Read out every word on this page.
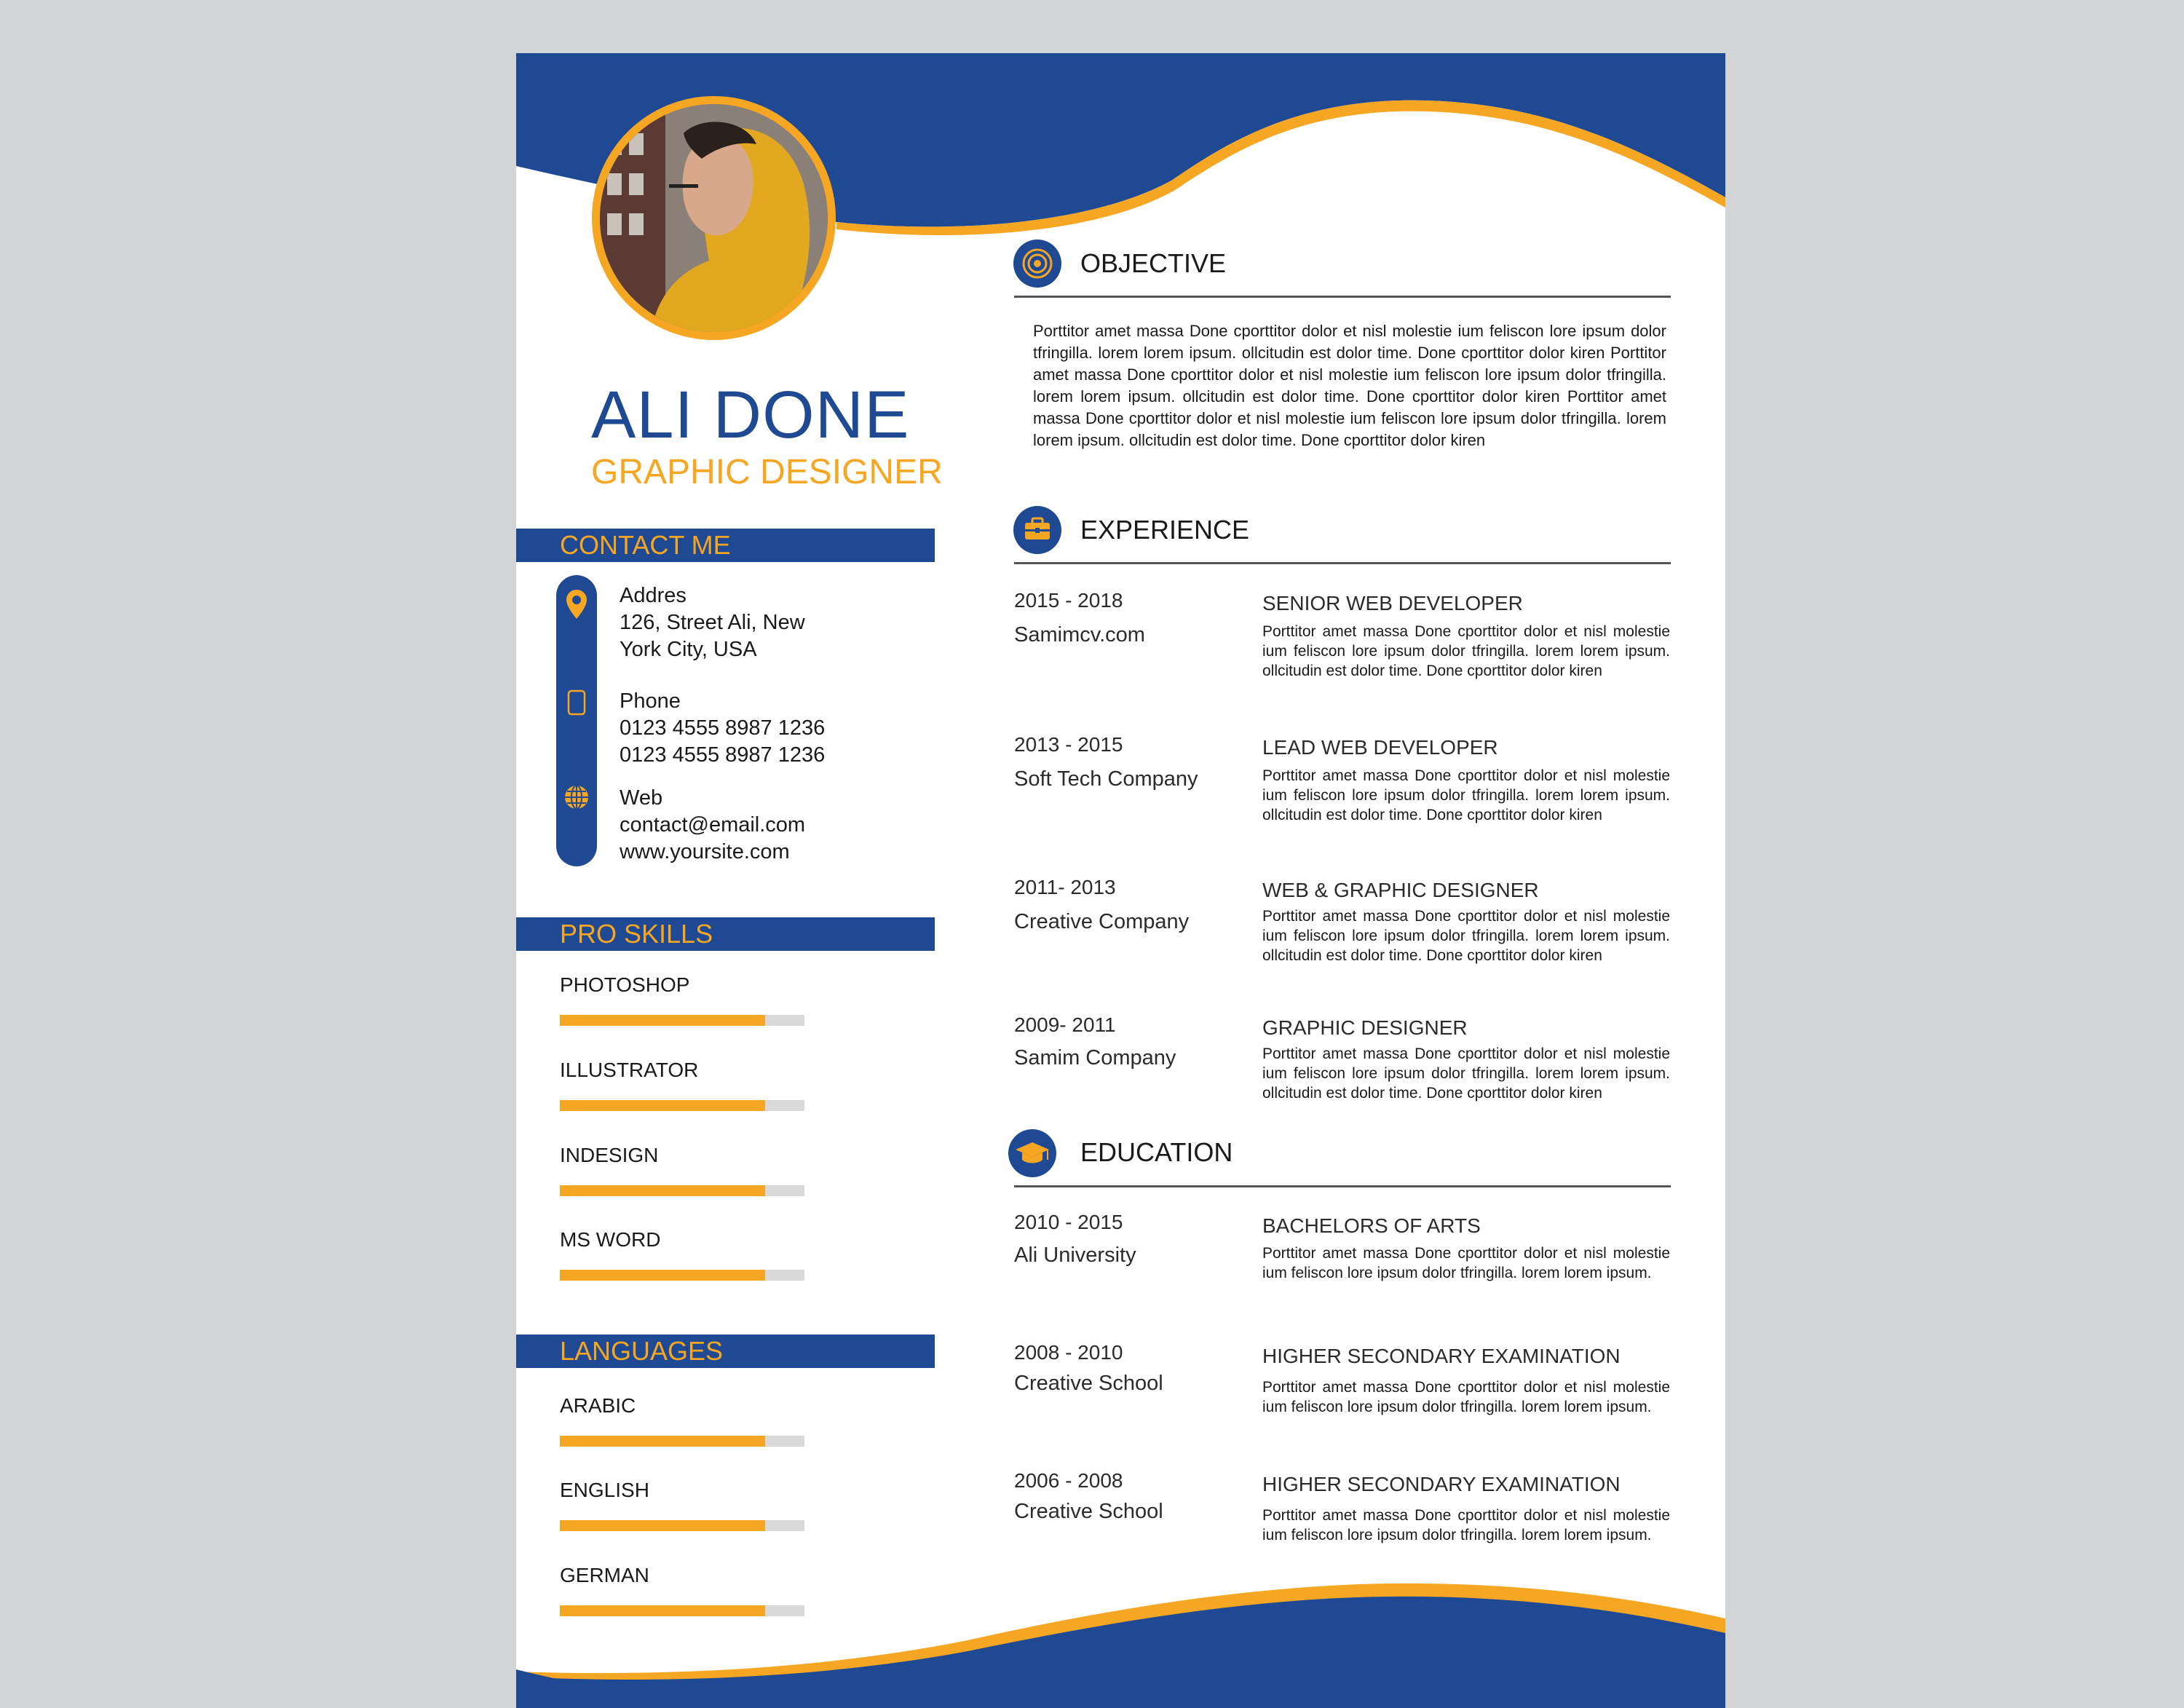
ALI DONE
GRAPHIC DESIGNER
CONTACT ME
Addres
126, Street Ali, New
York City, USA
Phone
0123 4555 8987 1236
0123 4555 8987 1236
Web
contact@email.com
www.yoursite.com
PRO SKILLS
PHOTOSHOP
ILLUSTRATOR
INDESIGN
MS WORD
LANGUAGES
ARABIC
ENGLISH
GERMAN
OBJECTIVE
Porttitor amet massa Done cporttitor dolor et nisl molestie ium feliscon lore ipsum dolor tfringilla. lorem lorem ipsum. ollcitudin est dolor time. Done cporttitor dolor kiren Porttitor amet massa Done cporttitor dolor et nisl molestie ium feliscon lore ipsum dolor tfringilla. lorem lorem ipsum. ollcitudin est dolor time. Done cporttitor dolor kiren Porttitor amet massa Done cporttitor dolor et nisl molestie ium feliscon lore ipsum dolor tfringilla. lorem lorem ipsum. ollcitudin est dolor time. Done cporttitor dolor kiren
EXPERIENCE
2015 - 2018
Samimcv.com
SENIOR WEB DEVELOPER
Porttitor amet massa Done cporttitor dolor et nisl molestie ium feliscon lore ipsum dolor tfringilla. lorem lorem ipsum. ollcitudin est dolor time. Done cporttitor dolor kiren
2013 - 2015
Soft Tech Company
LEAD WEB DEVELOPER
Porttitor amet massa Done cporttitor dolor et nisl molestie ium feliscon lore ipsum dolor tfringilla. lorem lorem ipsum. ollcitudin est dolor time. Done cporttitor dolor kiren
2011- 2013
Creative Company
WEB & GRAPHIC DESIGNER
Porttitor amet massa Done cporttitor dolor et nisl molestie ium feliscon lore ipsum dolor tfringilla. lorem lorem ipsum. ollcitudin est dolor time. Done cporttitor dolor kiren
2009- 2011
Samim Company
GRAPHIC DESIGNER
Porttitor amet massa Done cporttitor dolor et nisl molestie ium feliscon lore ipsum dolor tfringilla. lorem lorem ipsum. ollcitudin est dolor time. Done cporttitor dolor kiren
EDUCATION
2010 - 2015
Ali University
BACHELORS OF ARTS
Porttitor amet massa Done cporttitor dolor et nisl molestie ium feliscon lore ipsum dolor tfringilla. lorem lorem ipsum.
2008 - 2010
Creative School
HIGHER SECONDARY EXAMINATION
Porttitor amet massa Done cporttitor dolor et nisl molestie ium feliscon lore ipsum dolor tfringilla. lorem lorem ipsum.
2006 - 2008
Creative School
HIGHER SECONDARY EXAMINATION
Porttitor amet massa Done cporttitor dolor et nisl molestie ium feliscon lore ipsum dolor tfringilla. lorem lorem ipsum.
